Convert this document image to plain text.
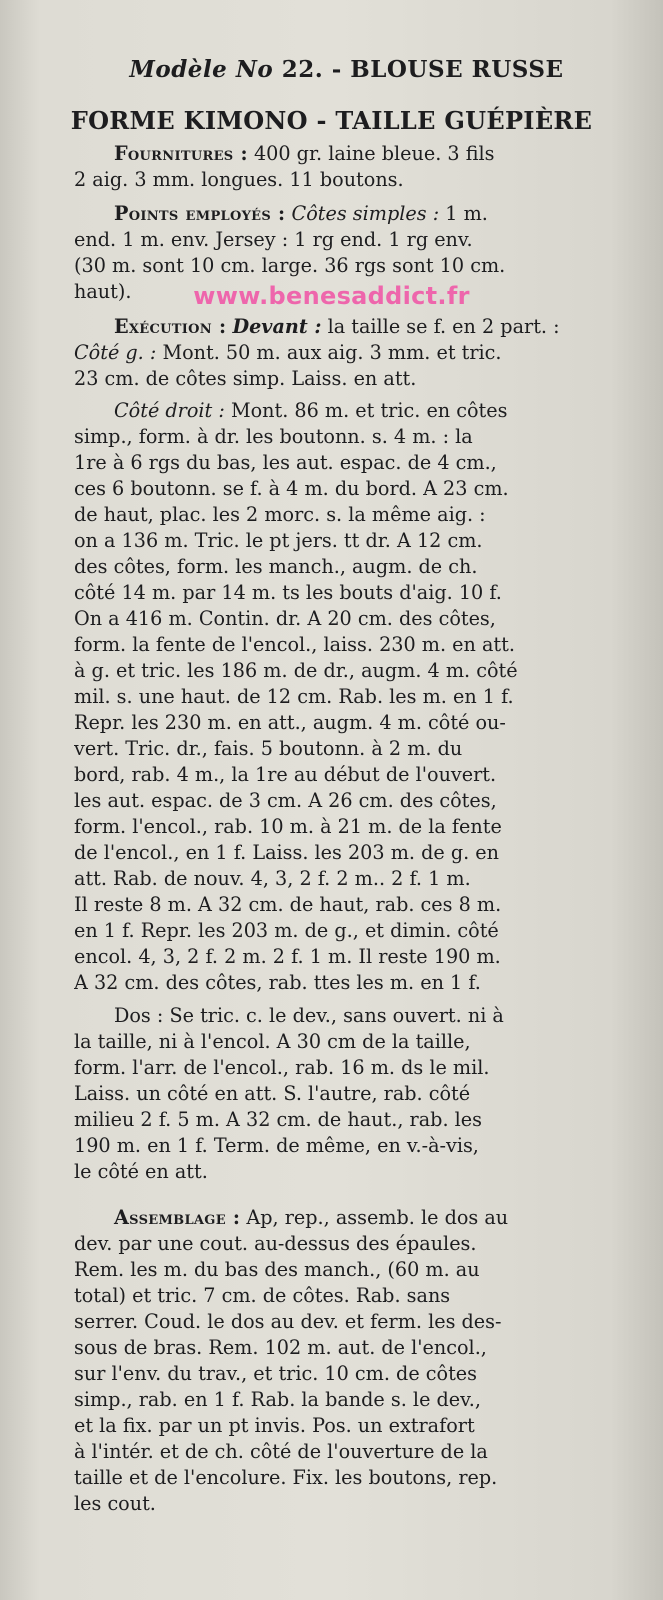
Modèle No 22. - BLOUSE RUSSE
FORME KIMONO - TAILLE GUÉPIÈRE
Fournitures : 400 gr. laine bleue. 3 fils
2 aig. 3 mm. longues. 11 boutons.
Points employés : Côtes simples : 1 m.
end. 1 m. env. Jersey : 1 rg end. 1 rg env.
(30 m. sont 10 cm. large. 36 rgs sont 10 cm.
haut).	www.benesaddict.fr
Exécution : Devant : la taille se f. en 2 part. :
Côté g. : Mont. 50 m. aux aig. 3 mm. et tric.
23 cm. de côtes simp. Laiss. en att.
Côté droit : Mont. 86 m. et tric. en côtes
simp., form. à dr. les boutonn. s. 4 m. : la
1re à 6 rgs du bas, les aut. espac. de 4 cm.,
ces 6 boutonn. se f. à 4 m. du bord. A 23 cm.
de haut, plac. les 2 morc. s. la même aig. :
on a 136 m. Tric. le pt jers. tt dr. A 12 cm.
des côtes, form. les manch., augm. de ch.
côté 14 m. par 14 m. ts les bouts d'aig. 10 f.
On a 416 m. Contin. dr. A 20 cm. des côtes,
form. la fente de l'encol., laiss. 230 m. en att.
à g. et tric. les 186 m. de dr., augm. 4 m. côté
mil. s. une haut. de 12 cm. Rab. les m. en 1 f.
Repr. les 230 m. en att., augm. 4 m. côté ou-
vert. Tric. dr., fais. 5 boutonn. à 2 m. du
bord, rab. 4 m., la 1re au début de l'ouvert.
les aut. espac. de 3 cm. A 26 cm. des côtes,
form. l'encol., rab. 10 m. à 21 m. de la fente
de l'encol., en 1 f. Laiss. les 203 m. de g. en
att. Rab. de nouv. 4, 3, 2 f. 2 m.. 2 f. 1 m.
Il reste 8 m. A 32 cm. de haut, rab. ces 8 m.
en 1 f. Repr. les 203 m. de g., et dimin. côté
encol. 4, 3, 2 f. 2 m. 2 f. 1 m. Il reste 190 m.
A 32 cm. des côtes, rab. ttes les m. en 1 f.
Dos : Se tric. c. le dev., sans ouvert. ni à
la taille, ni à l'encol. A 30 cm de la taille,
form. l'arr. de l'encol., rab. 16 m. ds le mil.
Laiss. un côté en att. S. l'autre, rab. côté
milieu 2 f. 5 m. A 32 cm. de haut., rab. les
190 m. en 1 f. Term. de même, en v.-à-vis,
le côté en att.
Assemblage : Ap, rep., assemb. le dos au
dev. par une cout. au-dessus des épaules.
Rem. les m. du bas des manch., (60 m. au
total) et tric. 7 cm. de côtes. Rab. sans
serrer. Coud. le dos au dev. et ferm. les des-
sous de bras. Rem. 102 m. aut. de l'encol.,
sur l'env. du trav., et tric. 10 cm. de côtes
simp., rab. en 1 f. Rab. la bande s. le dev.,
et la fix. par un pt invis. Pos. un extrafort
à l'intér. et de ch. côté de l'ouverture de la
taille et de l'encolure. Fix. les boutons, rep.
les cout.
